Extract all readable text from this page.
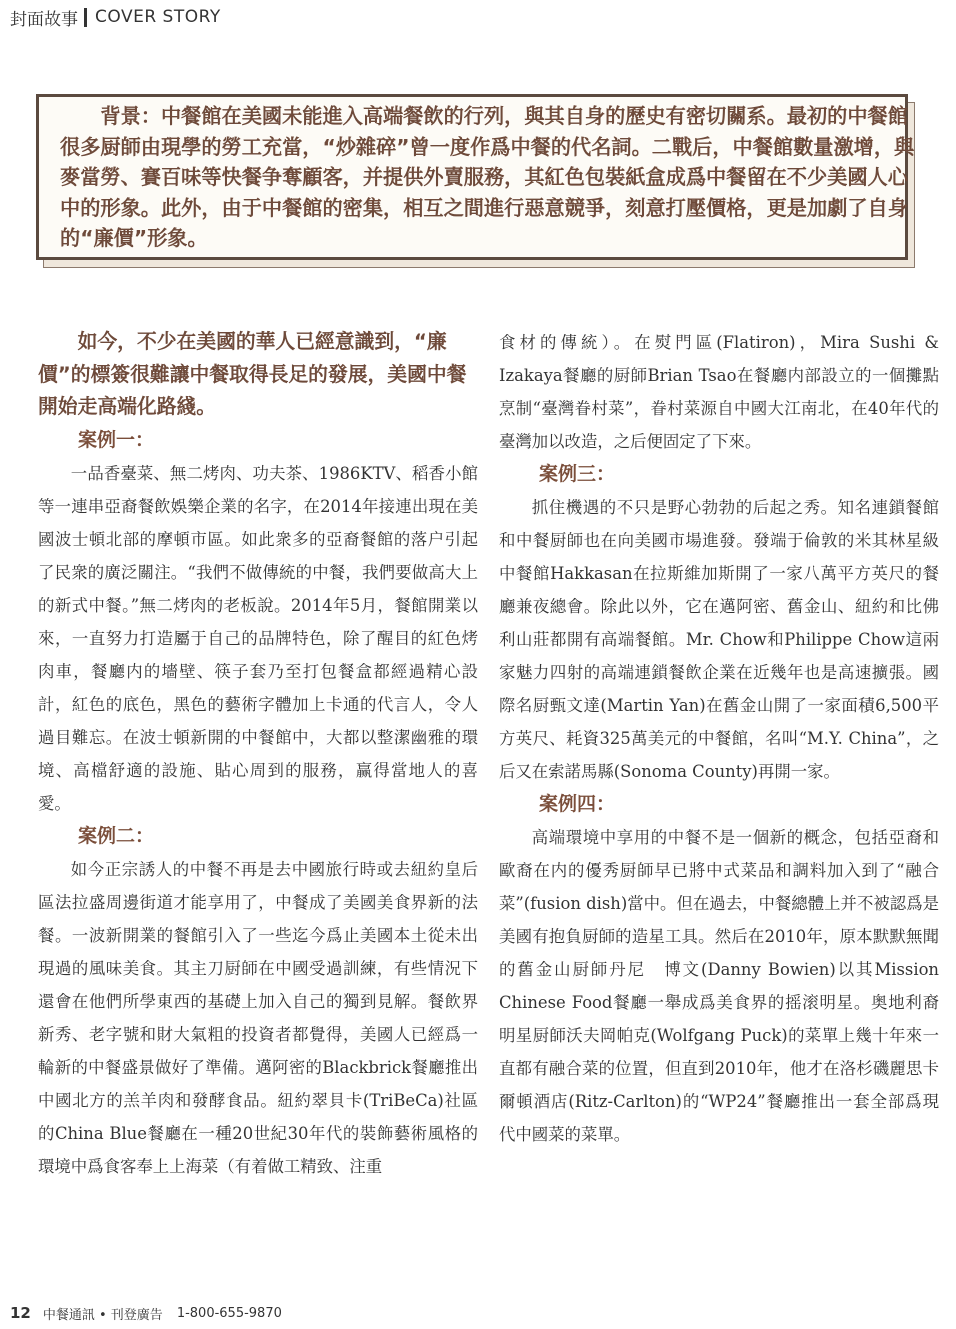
封面故事 COVER STORY

背景：中餐館在美國未能進入高端餐飲的行列，與其自身的歷史有密切關系。最初的中餐館很多厨師由現學的勞工充當，“炒雜碎”曾一度作爲中餐的代名詞。二戰后，中餐館數量激增，與麥當勞、賽百味等快餐争奪顧客，并提供外賣服務，其紅色包裝紙盒成爲中餐留在不少美國人心中的形象。此外，由于中餐館的密集，相互之間進行惡意競爭，刻意打壓價格，更是加劇了自身的“廉價”形象。

如今，不少在美國的華人已經意識到，“廉價”的標簽很難讓中餐取得長足的發展，美國中餐開始走高端化路綫。

案例一：

一品香臺菜、無二烤肉、功夫茶、1986KTV、稻香小館等一連串亞裔餐飲娛樂企業的名字，在2014年接連出現在美國波士頓北部的摩頓市區。如此衆多的亞裔餐館的落户引起了民衆的廣泛關注。“我們不做傳統的中餐，我們要做高大上的新式中餐。”無二烤肉的老板說。2014年5月，餐館開業以來，一直努力打造屬于自己的品牌特色，除了醒目的紅色烤肉車，餐廳内的墻壁、筷子套乃至打包餐盒都經過精心設計，紅色的底色，黑色的藝術字體加上卡通的代言人，令人過目難忘。在波士頓新開的中餐館中，大都以整潔幽雅的環境、高檔舒適的設施、貼心周到的服務，赢得當地人的喜愛。

案例二：

如今正宗誘人的中餐不再是去中國旅行時或去紐約皇后區法拉盛周邊街道才能享用了，中餐成了美國美食界新的法餐。一波新開業的餐館引入了一些迄今爲止美國本土從未出現過的風味美食。其主刀厨師在中國受過訓練，有些情況下還會在他們所學東西的基礎上加入自己的獨到見解。餐飲界新秀、老字號和財大氣粗的投資者都覺得，美國人已經爲一輪新的中餐盛景做好了準備。邁阿密的Blackbrick餐廳推出中國北方的羔羊肉和發酵食品。紐約翠貝卡(TriBeCa)社區的China Blue餐廳在一種20世紀30年代的裝飾藝術風格的環境中爲食客奉上上海菜（有着做工精致、注重

食材的傳統）。在熨門區(Flatiron)，Mira Sushi & Izakaya餐廳的厨師Brian Tsao在餐廳内部設立的一個攤點烹制“臺灣眷村菜”，眷村菜源自中國大江南北，在40年代的臺灣加以改造，之后便固定了下來。

案例三：

抓住機遇的不只是野心勃勃的后起之秀。知名連鎖餐館和中餐厨師也在向美國市場進發。發端于倫敦的米其林星級中餐館Hakkasan在拉斯維加斯開了一家八萬平方英尺的餐廳兼夜總會。除此以外，它在邁阿密、舊金山、紐約和比佛利山莊都開有高端餐館。Mr. Chow和Philippe Chow這兩家魅力四射的高端連鎖餐飲企業在近幾年也是高速擴張。國際名厨甄文達(Martin Yan)在舊金山開了一家面積6,500平方英尺、耗資325萬美元的中餐館，名叫“M.Y. China”，之后又在索諾馬縣(Sonoma County)再開一家。

案例四：

高端環境中享用的中餐不是一個新的概念，包括亞裔和歐裔在内的優秀厨師早已將中式菜品和調料加入到了“融合菜”(fusion dish)當中。但在過去，中餐總體上并不被認爲是美國有抱負厨師的造星工具。然后在2010年，原本默默無聞的舊金山厨師丹尼　博文(Danny Bowien)以其Mission Chinese Food餐廳一舉成爲美食界的摇滚明星。奥地利裔明星厨師沃夫岡帕克(Wolfgang Puck)的菜單上幾十年來一直都有融合菜的位置，但直到2010年，他才在洛杉磯麗思卡爾頓酒店(Ritz-Carlton)的“WP24”餐廳推出一套全部爲現代中國菜的菜單。

12 中餐通訊 • 刊登廣告 1-800-655-9870
